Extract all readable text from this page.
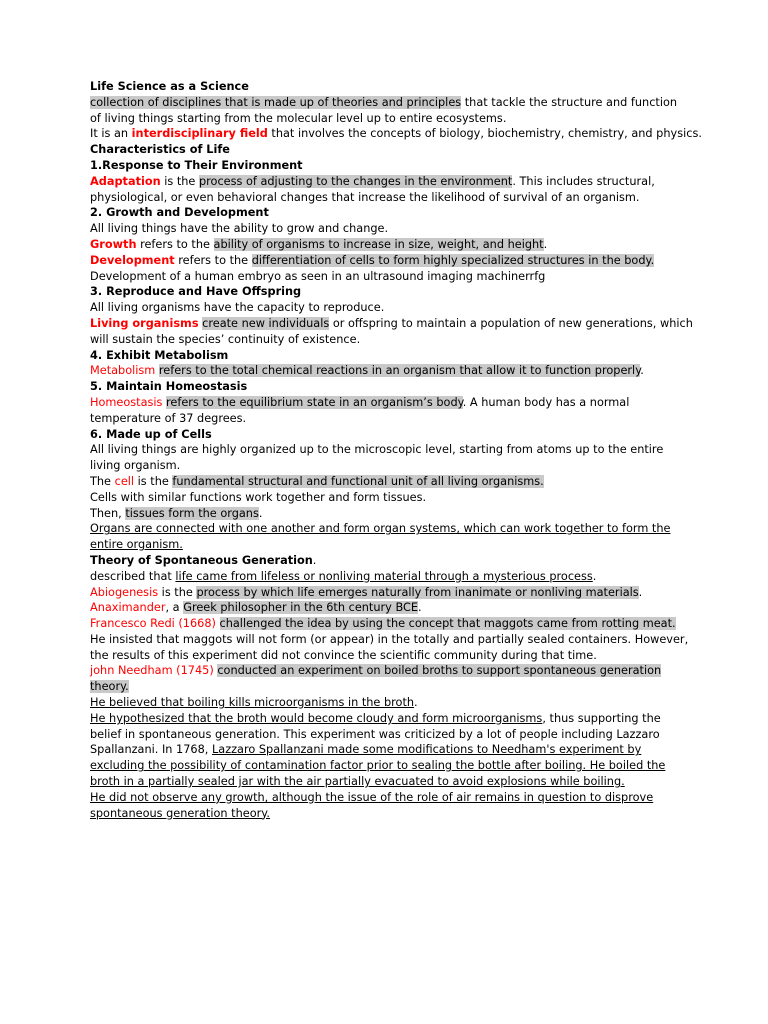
Life Science as a Science
collection of disciplines that is made up of theories and principles that tackle the structure and function
of living things starting from the molecular level up to entire ecosystems.
It is an interdisciplinary field that involves the concepts of biology, biochemistry, chemistry, and physics.
Characteristics of Life
1.Response to Their Environment
Adaptation is the process of adjusting to the changes in the environment. This includes structural,
physiological, or even behavioral changes that increase the likelihood of survival of an organism.
2. Growth and Development
All living things have the ability to grow and change.
Growth refers to the ability of organisms to increase in size, weight, and height.
Development refers to the differentiation of cells to form highly specialized structures in the body.
Development of a human embryo as seen in an ultrasound imaging machinerrfg
3. Reproduce and Have Offspring
All living organisms have the capacity to reproduce.
Living organisms create new individuals or offspring to maintain a population of new generations, which
will sustain the species’ continuity of existence.
4. Exhibit Metabolism
Metabolism refers to the total chemical reactions in an organism that allow it to function properly.
5. Maintain Homeostasis
Homeostasis refers to the equilibrium state in an organism’s body. A human body has a normal
temperature of 37 degrees.
6. Made up of Cells
All living things are highly organized up to the microscopic level, starting from atoms up to the entire
living organism.
The cell is the fundamental structural and functional unit of all living organisms.
Cells with similar functions work together and form tissues.
Then, tissues form the organs.
Organs are connected with one another and form organ systems, which can work together to form the
entire organism.
Theory of Spontaneous Generation.
described that life came from lifeless or nonliving material through a mysterious process.
Abiogenesis is the process by which life emerges naturally from inanimate or nonliving materials.
Anaximander, a Greek philosopher in the 6th century BCE.
Francesco Redi (1668) challenged the idea by using the concept that maggots came from rotting meat.
He insisted that maggots will not form (or appear) in the totally and partially sealed containers. However,
the results of this experiment did not convince the scientific community during that time.
john Needham (1745) conducted an experiment on boiled broths to support spontaneous generation
theory.
He believed that boiling kills microorganisms in the broth.
He hypothesized that the broth would become cloudy and form microorganisms, thus supporting the
belief in spontaneous generation. This experiment was criticized by a lot of people including Lazzaro
Spallanzani. In 1768, Lazzaro Spallanzani made some modifications to Needham's experiment by
excluding the possibility of contamination factor prior to sealing the bottle after boiling. He boiled the
broth in a partially sealed jar with the air partially evacuated to avoid explosions while boiling.
He did not observe any growth, although the issue of the role of air remains in question to disprove
spontaneous generation theory.
